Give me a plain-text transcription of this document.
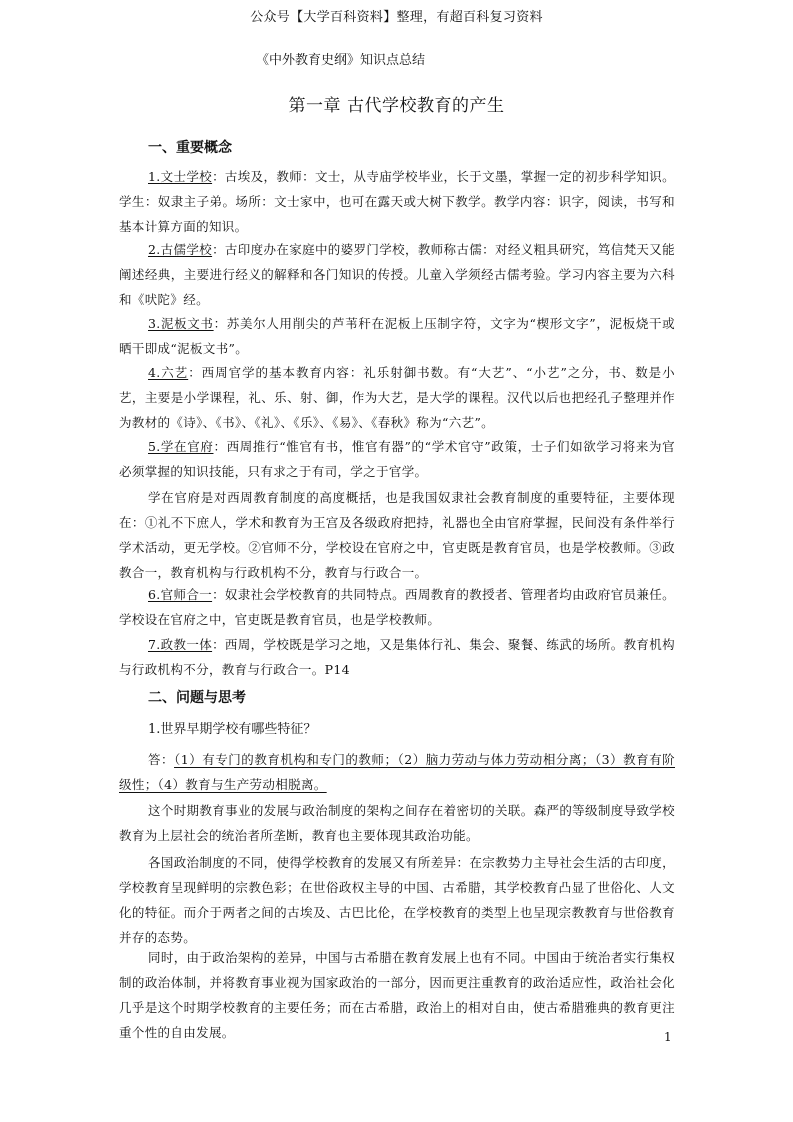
公众号【大学百科资料】整理，有超百科复习资料
《中外教育史纲》知识点总结
第一章 古代学校教育的产生
一、重要概念
1.文士学校：古埃及，教师：文士，从寺庙学校毕业，长于文墨，掌握一定的初步科学知识。学生：奴隶主子弟。场所：文士家中，也可在露天或大树下教学。教学内容：识字，阅读，书写和基本计算方面的知识。
2.古儒学校：古印度办在家庭中的婆罗门学校，教师称古儒：对经义粗具研究，笃信梵天又能阐述经典，主要进行经义的解释和各门知识的传授。儿童入学须经古儒考验。学习内容主要为六科和《吠陀》经。
3.泥板文书：苏美尔人用削尖的芦苇秆在泥板上压制字符，文字为“楔形文字”，泥板烧干或晒干即成“泥板文书”。
4.六艺：西周官学的基本教育内容：礼乐射御书数。有“大艺”、“小艺”之分，书、数是小艺，主要是小学课程，礼、乐、射、御，作为大艺，是大学的课程。汉代以后也把经孔子整理并作为教材的《诗》、《书》、《礼》、《乐》、《易》、《春秋》称为“六艺”。
5.学在官府：西周推行“惟官有书，惟官有器”的“学术官守”政策，士子们如欲学习将来为官必须掌握的知识技能，只有求之于有司，学之于官学。
学在官府是对西周教育制度的高度概括，也是我国奴隶社会教育制度的重要特征，主要体现在：①礼不下庶人，学术和教育为王宫及各级政府把持，礼器也全由官府掌握，民间没有条件举行学术活动，更无学校。②官师不分，学校设在官府之中，官吏既是教育官员，也是学校教师。③政教合一，教育机构与行政机构不分，教育与行政合一。
6.官师合一：奴隶社会学校教育的共同特点。西周教育的教授者、管理者均由政府官员兼任。学校设在官府之中，官吏既是教育官员，也是学校教师。
7.政教一体：西周，学校既是学习之地，又是集体行礼、集会、聚餐、练武的场所。教育机构与行政机构不分，教育与行政合一。P14
二、问题与思考
1.世界早期学校有哪些特征？
答：（1）有专门的教育机构和专门的教师；（2）脑力劳动与体力劳动相分离；（3）教育有阶级性；（4）教育与生产劳动相脱离。
这个时期教育事业的发展与政治制度的架构之间存在着密切的关联。森严的等级制度导致学校教育为上层社会的统治者所垄断，教育也主要体现其政治功能。
各国政治制度的不同，使得学校教育的发展又有所差异：在宗教势力主导社会生活的古印度，学校教育呈现鲜明的宗教色彩；在世俗政权主导的中国、古希腊，其学校教育凸显了世俗化、人文化的特征。而介于两者之间的古埃及、古巴比伦，在学校教育的类型上也呈现宗教教育与世俗教育并存的态势。
同时，由于政治架构的差异，中国与古希腊在教育发展上也有不同。中国由于统治者实行集权制的政治体制，并将教育事业视为国家政治的一部分，因而更注重教育的政治适应性，政治社会化几乎是这个时期学校教育的主要任务；而在古希腊，政治上的相对自由，使古希腊雅典的教育更注重个性的自由发展。	1
